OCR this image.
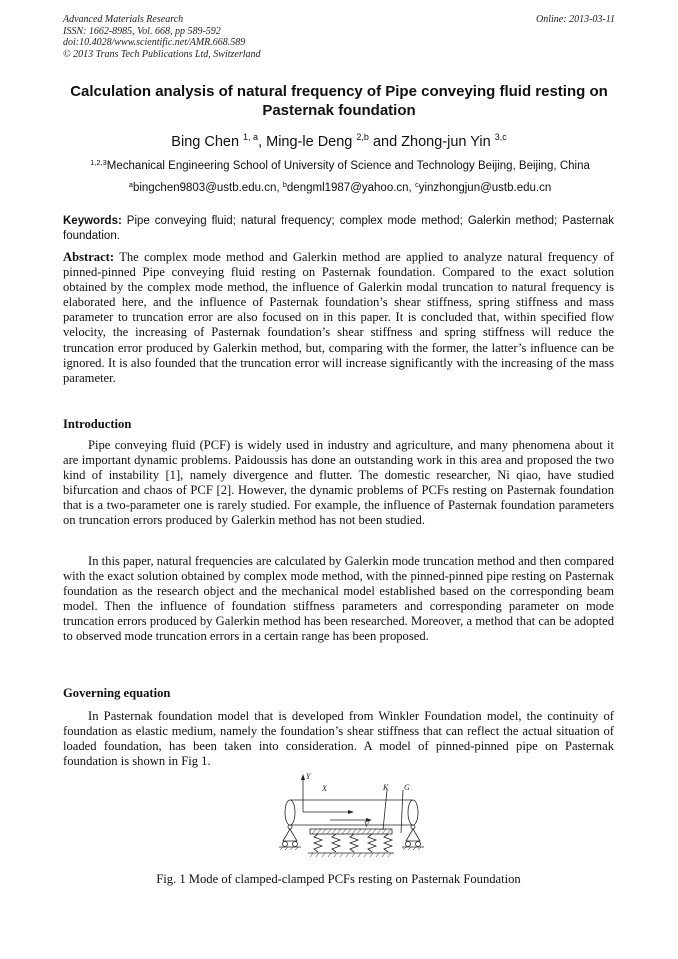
Advanced Materials Research
ISSN: 1662-8985, Vol. 668, pp 589-592
doi:10.4028/www.scientific.net/AMR.668.589
© 2013 Trans Tech Publications Ltd, Switzerland
Online: 2013-03-11
Calculation analysis of natural frequency of Pipe conveying fluid resting on Pasternak foundation
Bing Chen $^{1, a}$, Ming-le Deng $^{2,b}$ and Zhong-jun Yin $^{3,c}$
$^{1,2,3}$Mechanical Engineering School of University of Science and Technology Beijing, Beijing, China
$^a$bingchen9803@ustb.edu.cn, $^b$dengml1987@yahoo.cn, $^c$yinzhongjun@ustb.edu.cn
Keywords: Pipe conveying fluid; natural frequency; complex mode method; Galerkin method; Pasternak foundation.
Abstract: The complex mode method and Galerkin method are applied to analyze natural frequency of pinned-pinned Pipe conveying fluid resting on Pasternak foundation. Compared to the exact solution obtained by the complex mode method, the influence of Galerkin modal truncation to natural frequency is elaborated here, and the influence of Pasternak foundation’s shear stiffness, spring stiffness and mass parameter to truncation error are also focused on in this paper. It is concluded that, within specified flow velocity, the increasing of Pasternak foundation’s shear stiffness and spring stiffness will reduce the truncation error produced by Galerkin method, but, comparing with the former, the latter’s influence can be ignored. It is also founded that the truncation error will increase significantly with the increasing of the mass parameter.
Introduction

Pipe conveying fluid (PCF) is widely used in industry and agriculture, and many phenomena about it are important dynamic problems. Paidoussis has done an outstanding work in this area and proposed the two kind of instability [1], namely divergence and flutter. The domestic researcher, Ni qiao, have studied bifurcation and chaos of PCF [2]. However, the dynamic problems of PCFs resting on Pasternak foundation that is a two-parameter one is rarely studied. For example, the influence of Pasternak foundation parameters on truncation errors produced by Galerkin method has not been studied.

In this paper, natural frequencies are calculated by Galerkin mode truncation method and then compared with the exact solution obtained by complex mode method, with the pinned-pinned pipe resting on Pasternak foundation as the research object and the mechanical model established based on the corresponding beam model. Then the influence of foundation stiffness parameters and corresponding parameter on mode truncation errors produced by Galerkin method has been researched. Moreover, a method that can be adopted to observed mode truncation errors in a certain range has been proposed.

Governing equation

In Pasternak foundation model that is developed from Winkler Foundation model, the continuity of foundation as elastic medium, namely the foundation’s shear stiffness that can reflect the actual situation of loaded foundation, has been taken into consideration. A model of pinned-pinned pipe on Pasternak foundation is shown in Fig 1.

Y
X	K G
V
Fig. 1 Mode of clamped-clamped PCFs resting on Pasternak Foundation
